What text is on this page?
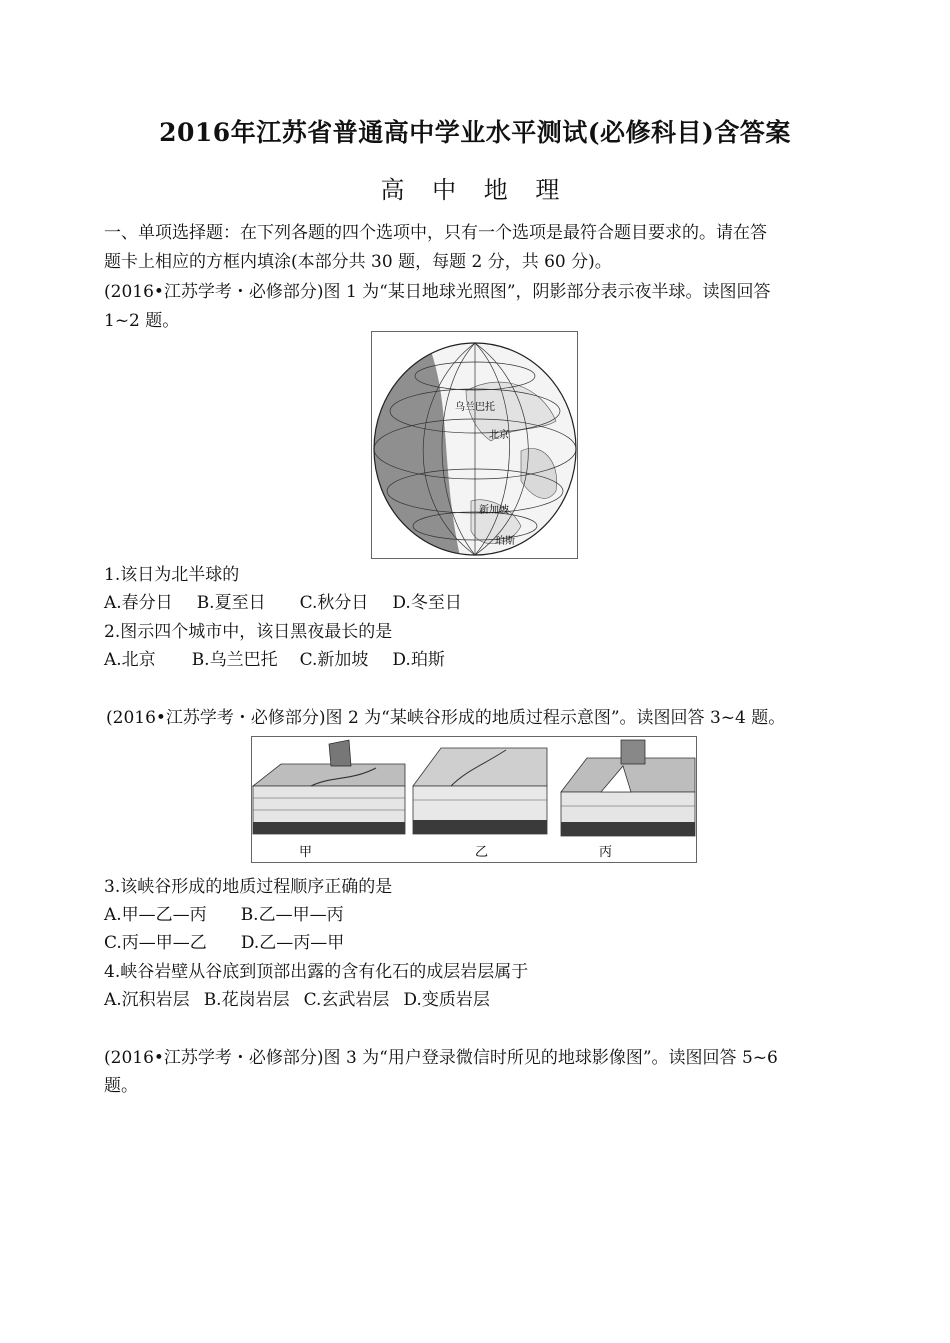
2016年江苏省普通高中学业水平测试(必修科目)含答案
高 中 地 理
一、单项选择题：在下列各题的四个选项中，只有一个选项是最符合题目要求的。请在答
题卡上相应的方框内填涂(本部分共 30 题，每题 2 分，共 60 分)。
(2016•江苏学考・必修部分)图 1 为“某日地球光照图”，阴影部分表示夜半球。读图回答
1~2 题。
乌兰巴托
北京
新加坡
珀斯
1.该日为北半球的
A.春分日 B.夏至日 C.秋分日 D.冬至日
2.图示四个城市中，该日黑夜最长的是
A.北京 B.乌兰巴托 C.新加坡 D.珀斯
(2016•江苏学考・必修部分)图 2 为“某峡谷形成的地质过程示意图”。读图回答 3~4 题。
甲	乙	丙
3.该峡谷形成的地质过程顺序正确的是
A.甲—乙—丙 B.乙—甲—丙
C.丙—甲—乙 D.乙—丙—甲
4.峡谷岩壁从谷底到顶部出露的含有化石的成层岩层属于
A.沉积岩层 B.花岗岩层 C.玄武岩层 D.变质岩层
(2016•江苏学考・必修部分)图 3 为“用户登录微信时所见的地球影像图”。读图回答 5~6
题。
